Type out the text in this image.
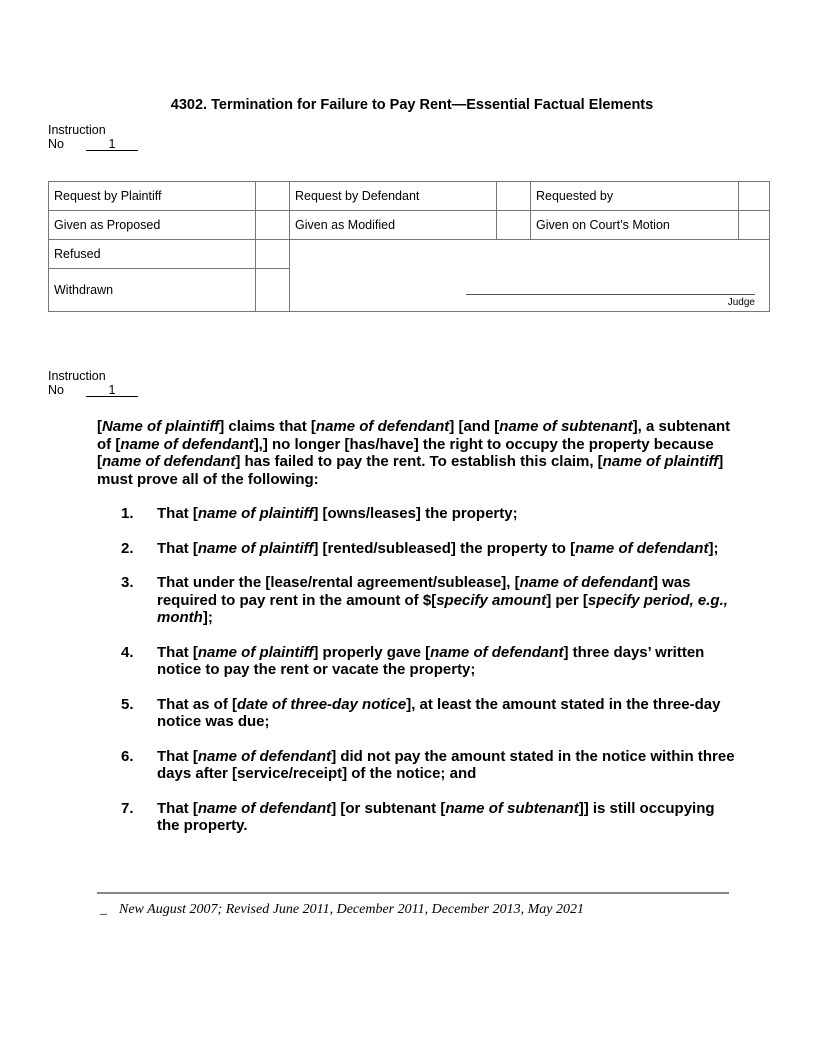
4302. Termination for Failure to Pay Rent—Essential Factual Elements
Instruction
No	1
Request by Plaintiff		Request by Defendant		Requested by	
Given as Proposed		Given as Modified		Given on Court’s Motion	
Refused		Judge			

Withdrawn					
Instruction
No	1
[Name of plaintiff] claims that [name of defendant] [and [name of subtenant], a subtenant of [name of defendant],] no longer [has/have] the right to occupy the property because [name of defendant] has failed to pay the rent. To establish this claim, [name of plaintiff] must prove all of the following:
1. That [name of plaintiff] [owns/leases] the property;
2. That [name of plaintiff] [rented/subleased] the property to [name of defendant];
3. That under the [lease/rental agreement/sublease], [name of defendant] was required to pay rent in the amount of $[specify amount] per [specify period, e.g., month];
4. That [name of plaintiff] properly gave [name of defendant] three days’ written notice to pay the rent or vacate the property;
5. That as of [date of three-day notice], at least the amount stated in the three-day notice was due;
6. That [name of defendant] did not pay the amount stated in the notice within three days after [service/receipt] of the notice; and
7. That [name of defendant] [or subtenant [name of subtenant]] is still occupying the property.
_ New August 2007; Revised June 2011, December 2011, December 2013, May 2021
